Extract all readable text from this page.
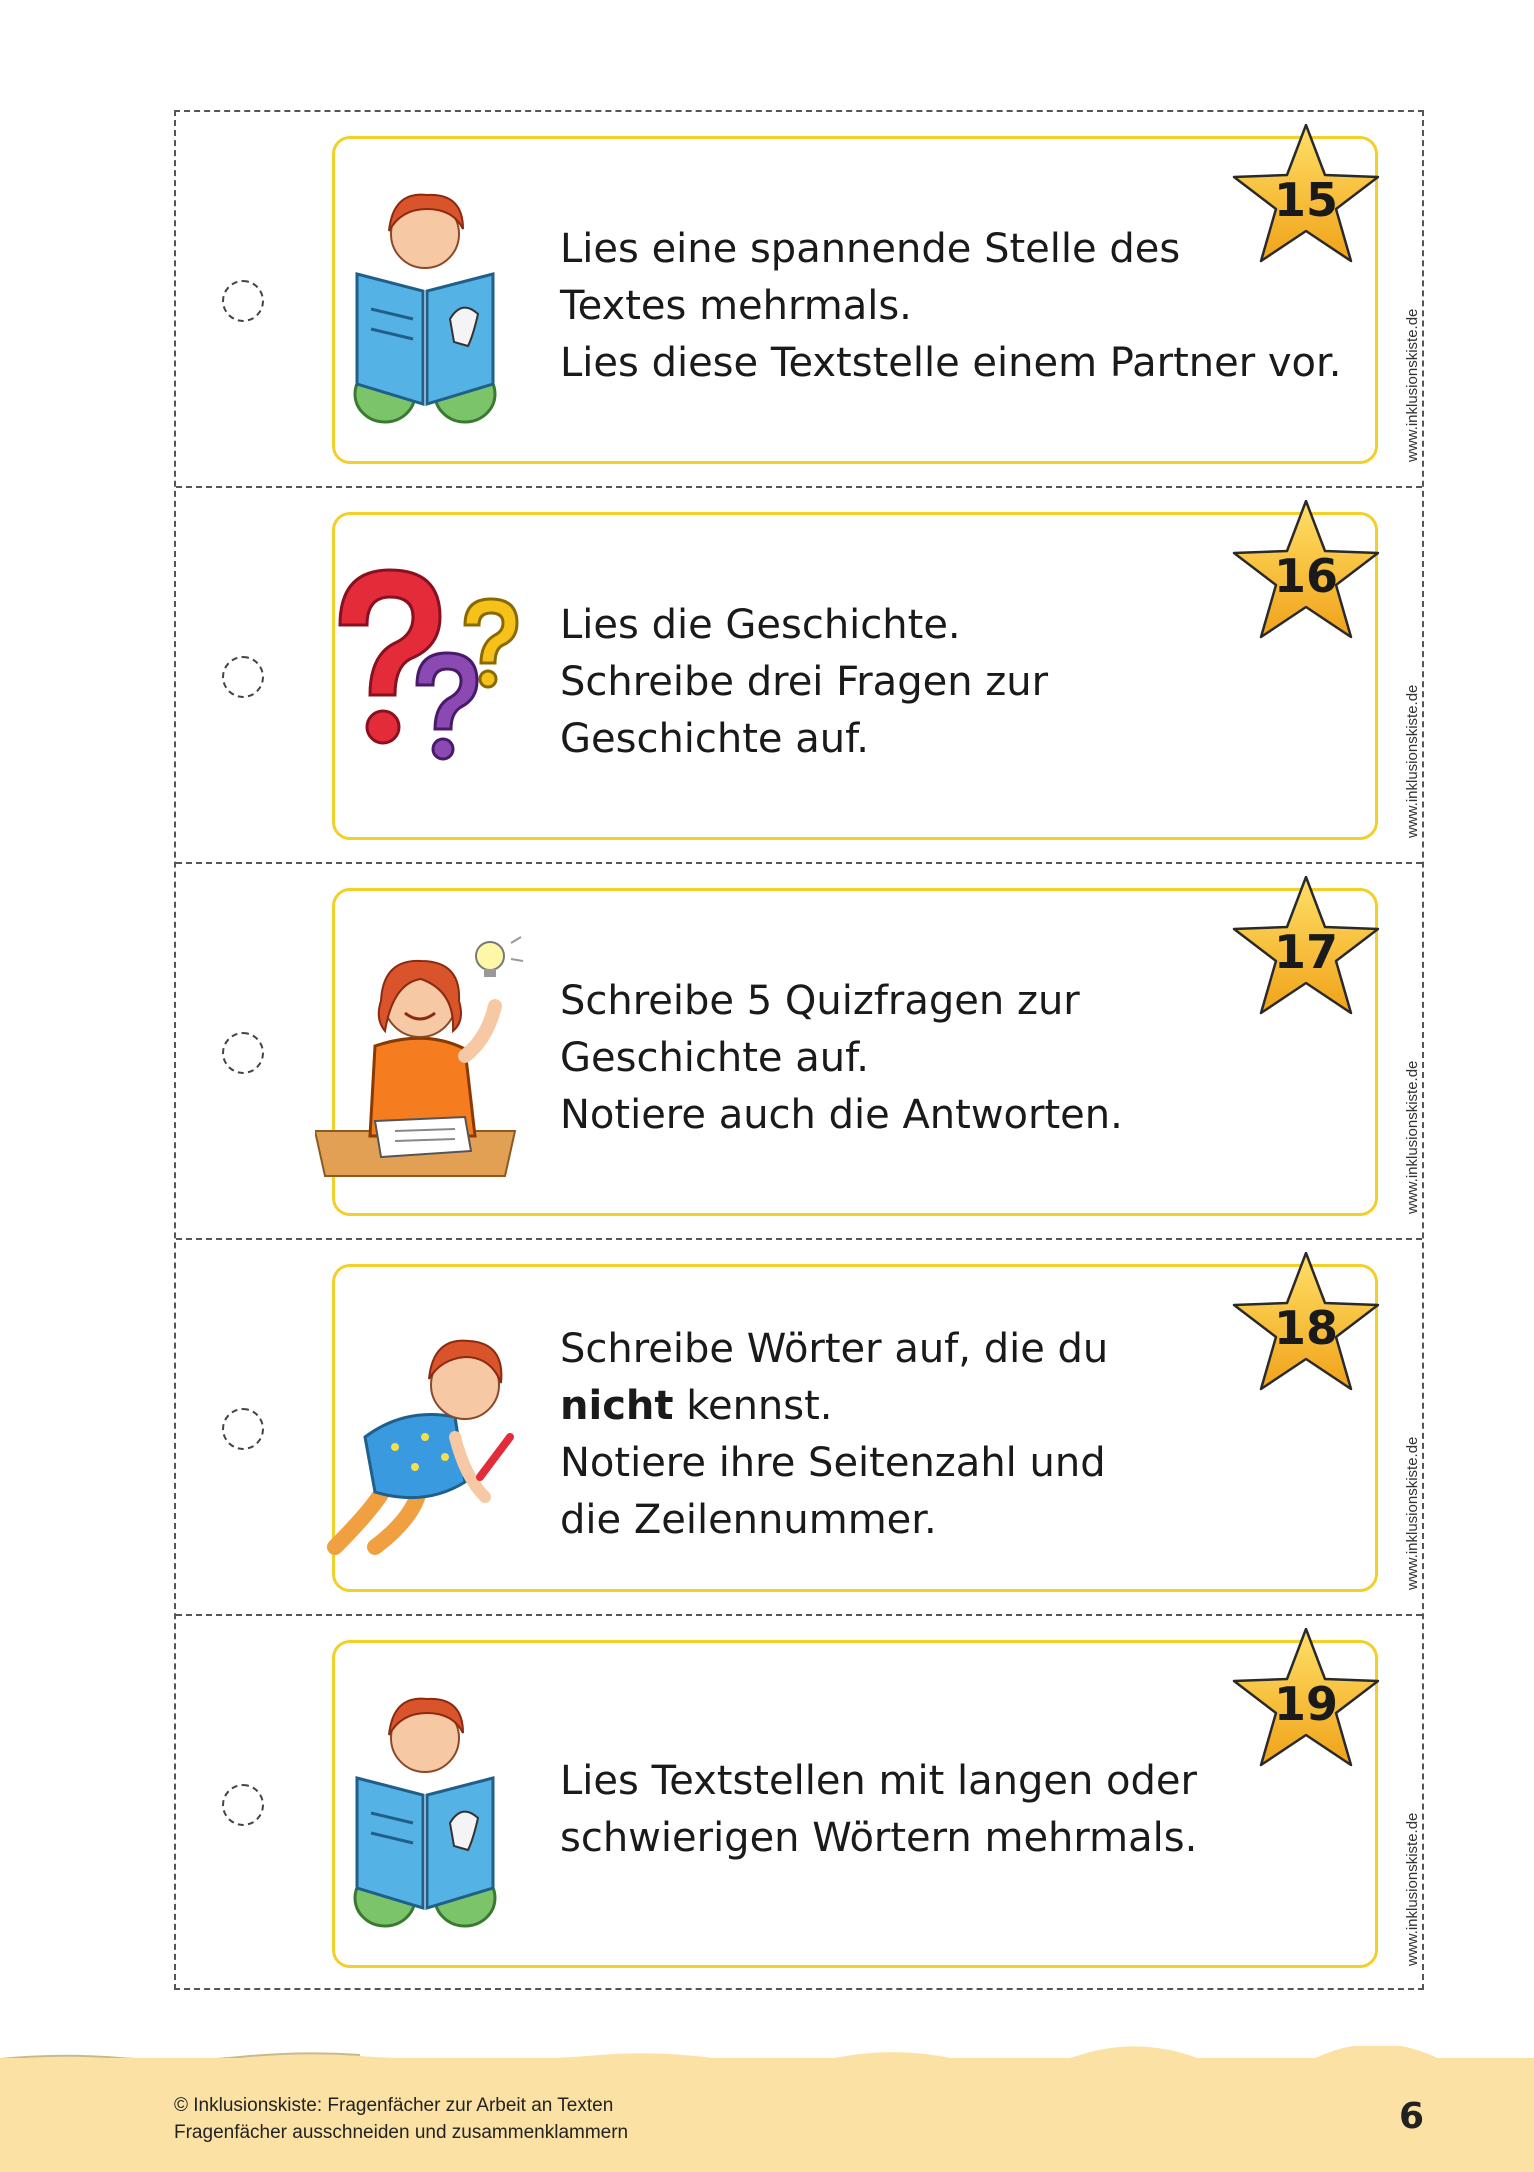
Lies eine spannende Stelle des
Textes mehrmals.
Lies diese Textstelle einem Partner vor.
15
www.inklusionskiste.de
Lies die Geschichte.
Schreibe drei Fragen zur
Geschichte auf.
16
www.inklusionskiste.de
Schreibe 5 Quizfragen zur
Geschichte auf.
Notiere auch die Antworten.
17
www.inklusionskiste.de
Schreibe Wörter auf, die du
nicht kennst.
Notiere ihre Seitenzahl und
die Zeilennummer.
18
www.inklusionskiste.de
Lies Textstellen mit langen oder
schwierigen Wörtern mehrmals.
19
www.inklusionskiste.de
© Inklusionskiste: Fragenfächer zur Arbeit an Texten
Fragenfächer ausschneiden und zusammenklammern	6
